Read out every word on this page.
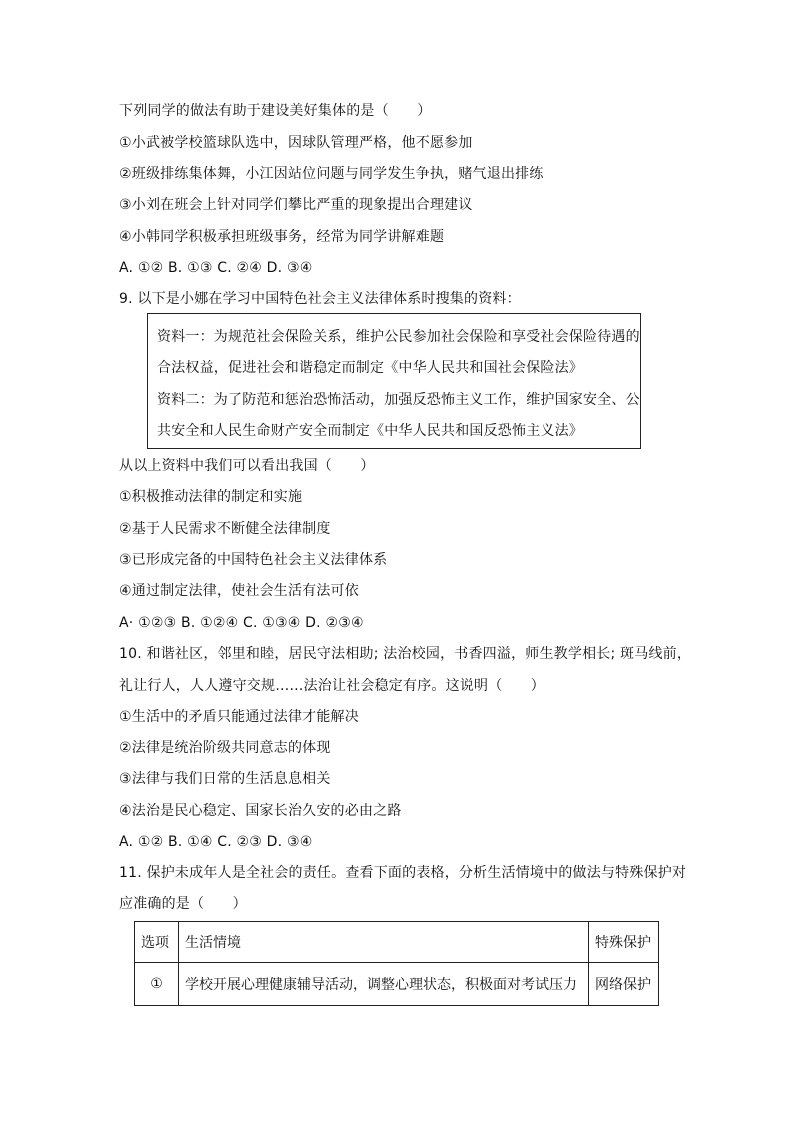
下列同学的做法有助于建设美好集体的是（　　）
①小武被学校篮球队选中，因球队管理严格，他不愿参加
②班级排练集体舞，小江因站位问题与同学发生争执，赌气退出排练
③小刘在班会上针对同学们攀比严重的现象提出合理建议
④小韩同学积极承担班级事务，经常为同学讲解难题
A. ①② B. ①③ C. ②④ D. ③④
9. 以下是小娜在学习中国特色社会主义法律体系时搜集的资料：
资料一：为规范社会保险关系，维护公民参加社会保险和享受社会保险待遇的
合法权益，促进社会和谐稳定而制定《中华人民共和国社会保险法》
资料二：为了防范和惩治恐怖活动，加强反恐怖主义工作，维护国家安全、公
共安全和人民生命财产安全而制定《中华人民共和国反恐怖主义法》
从以上资料中我们可以看出我国（　　）
①积极推动法律的制定和实施
②基于人民需求不断健全法律制度
③已形成完备的中国特色社会主义法律体系
④通过制定法律，使社会生活有法可依
A· ①②③ B. ①②④ C. ①③④ D. ②③④
10. 和谐社区，邻里和睦，居民守法相助; 法治校园，书香四溢，师生教学相长; 斑马线前，
礼让行人，人人遵守交规……法治让社会稳定有序。这说明（　　）
①生活中的矛盾只能通过法律才能解决
②法律是统治阶级共同意志的体现
③法律与我们日常的生活息息相关
④法治是民心稳定、国家长治久安的必由之路
A. ①② B. ①④ C. ②③ D. ③④
11. 保护未成年人是全社会的责任。查看下面的表格，分析生活情境中的做法与特殊保护对
应准确的是（　　）
选项	生活情境	特殊保护
①	学校开展心理健康辅导活动，调整心理状态，积极面对考试压力	网络保护
